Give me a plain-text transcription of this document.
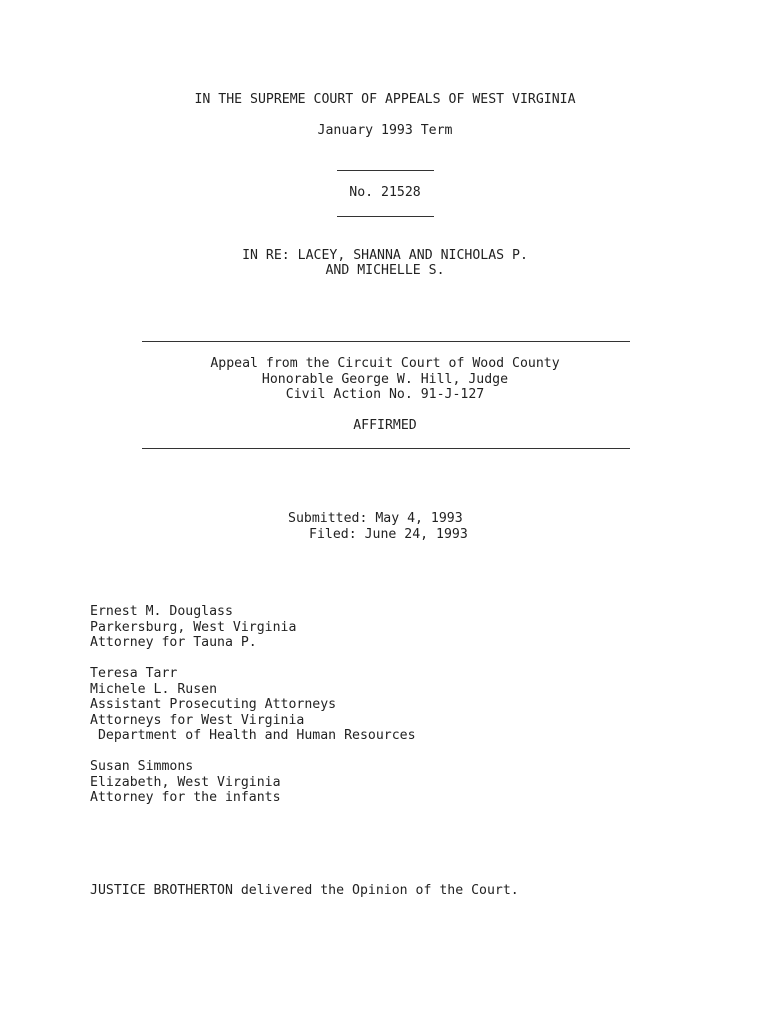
IN THE SUPREME COURT OF APPEALS OF WEST VIRGINIA
January 1993 Term
No. 21528
IN RE: LACEY, SHANNA AND NICHOLAS P.
AND MICHELLE S.
Appeal from the Circuit Court of Wood County
Honorable George W. Hill, Judge
Civil Action No. 91-J-127
AFFIRMED
Submitted: May 4, 1993
Filed: June 24, 1993
Ernest M. Douglass
Parkersburg, West Virginia
Attorney for Tauna P.
Teresa Tarr
Michele L. Rusen
Assistant Prosecuting Attorneys
Attorneys for West Virginia
Department of Health and Human Resources
Susan Simmons
Elizabeth, West Virginia
Attorney for the infants
JUSTICE BROTHERTON delivered the Opinion of the Court.
